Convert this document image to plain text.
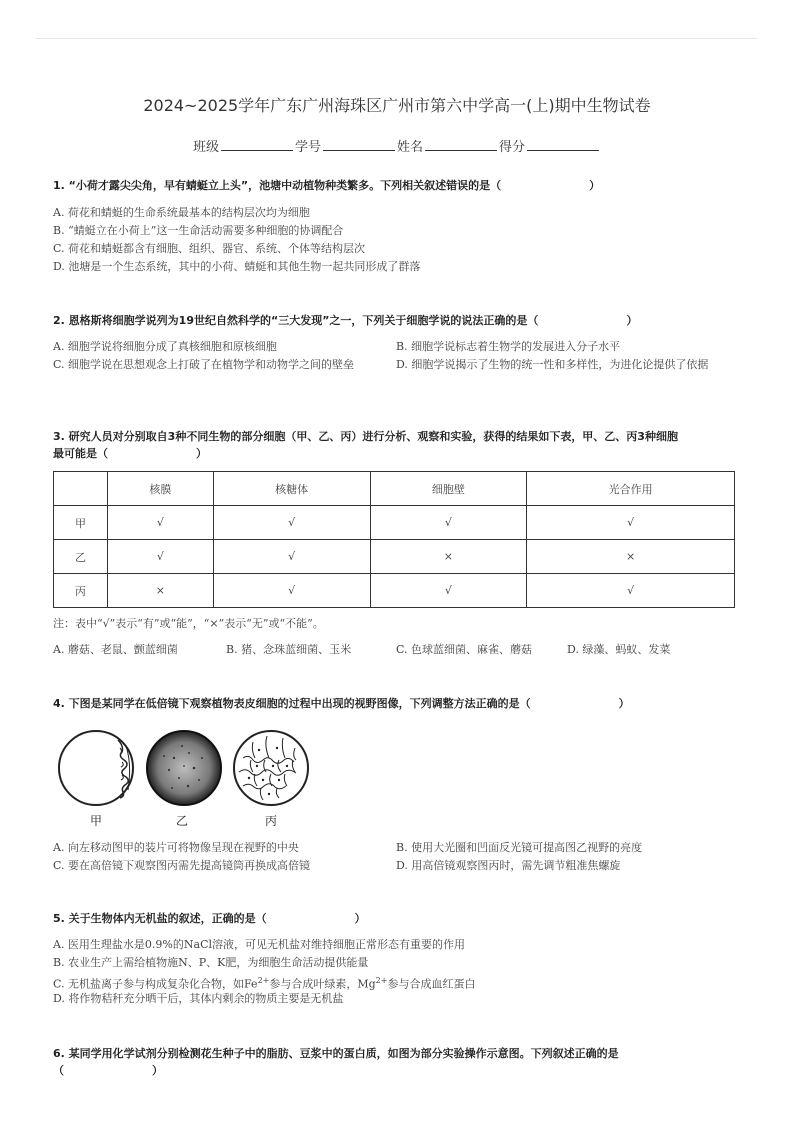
2024~2025学年广东广州海珠区广州市第六中学高一(上)期中生物试卷
班级	学号	姓名	得分
1. “小荷才露尖尖角，早有蜻蜓立上头”，池塘中动植物种类繁多。下列相关叙述错误的是（	）
A. 荷花和蜻蜓的生命系统最基本的结构层次均为细胞
B. “蜻蜓立在小荷上”这一生命活动需要多种细胞的协调配合
C. 荷花和蜻蜓都含有细胞、组织、器官、系统、个体等结构层次
D. 池塘是一个生态系统，其中的小荷、蜻蜓和其他生物一起共同形成了群落
2. 恩格斯将细胞学说列为19世纪自然科学的“三大发现”之一，下列关于细胞学说的说法正确的是（	）
A. 细胞学说将细胞分成了真核细胞和原核细胞	B. 细胞学说标志着生物学的发展进入分子水平
C. 细胞学说在思想观念上打破了在植物学和动物学之间的壁垒	D. 细胞学说揭示了生物的统一性和多样性，为进化论提供了依据
3. 研究人员对分别取自3种不同生物的部分细胞（甲、乙、丙）进行分析、观察和实验，获得的结果如下表，甲、乙、丙3种细胞
最可能是（	）
	核膜	核糖体	细胞壁	光合作用
甲	√	√	√	√
乙	√	√	×	×
丙	×	√	√	√
注：表中“√”表示“有”或“能”，“×”表示“无”或“不能”。
A. 蘑菇、老鼠、颤蓝细菌	B. 猪、念珠蓝细菌、玉米	C. 色球蓝细菌、麻雀、蘑菇	D. 绿藻、蚂蚁、发菜
4. 下图是某同学在低倍镜下观察植物表皮细胞的过程中出现的视野图像，下列调整方法正确的是（	）
甲	乙	丙
A. 向左移动图甲的装片可将物像呈现在视野的中央	B. 使用大光圈和凹面反光镜可提高图乙视野的亮度
C. 要在高倍镜下观察图丙需先提高镜筒再换成高倍镜	D. 用高倍镜观察图丙时，需先调节粗准焦螺旋
5. 关于生物体内无机盐的叙述，正确的是（	）
A. 医用生理盐水是0.9%的NaCl溶液，可见无机盐对维持细胞正常形态有重要的作用
B. 农业生产上需给植物施N、P、K肥，为细胞生命活动提供能量
C. 无机盐离子参与构成复杂化合物，如$Fe^{2+}$参与合成叶绿素，$Mg^{2+}$参与合成血红蛋白
D. 将作物秸秆充分晒干后，其体内剩余的物质主要是无机盐
6. 某同学用化学试剂分别检测花生种子中的脂肪、豆浆中的蛋白质，如图为部分实验操作示意图。下列叙述正确的是
（	）
